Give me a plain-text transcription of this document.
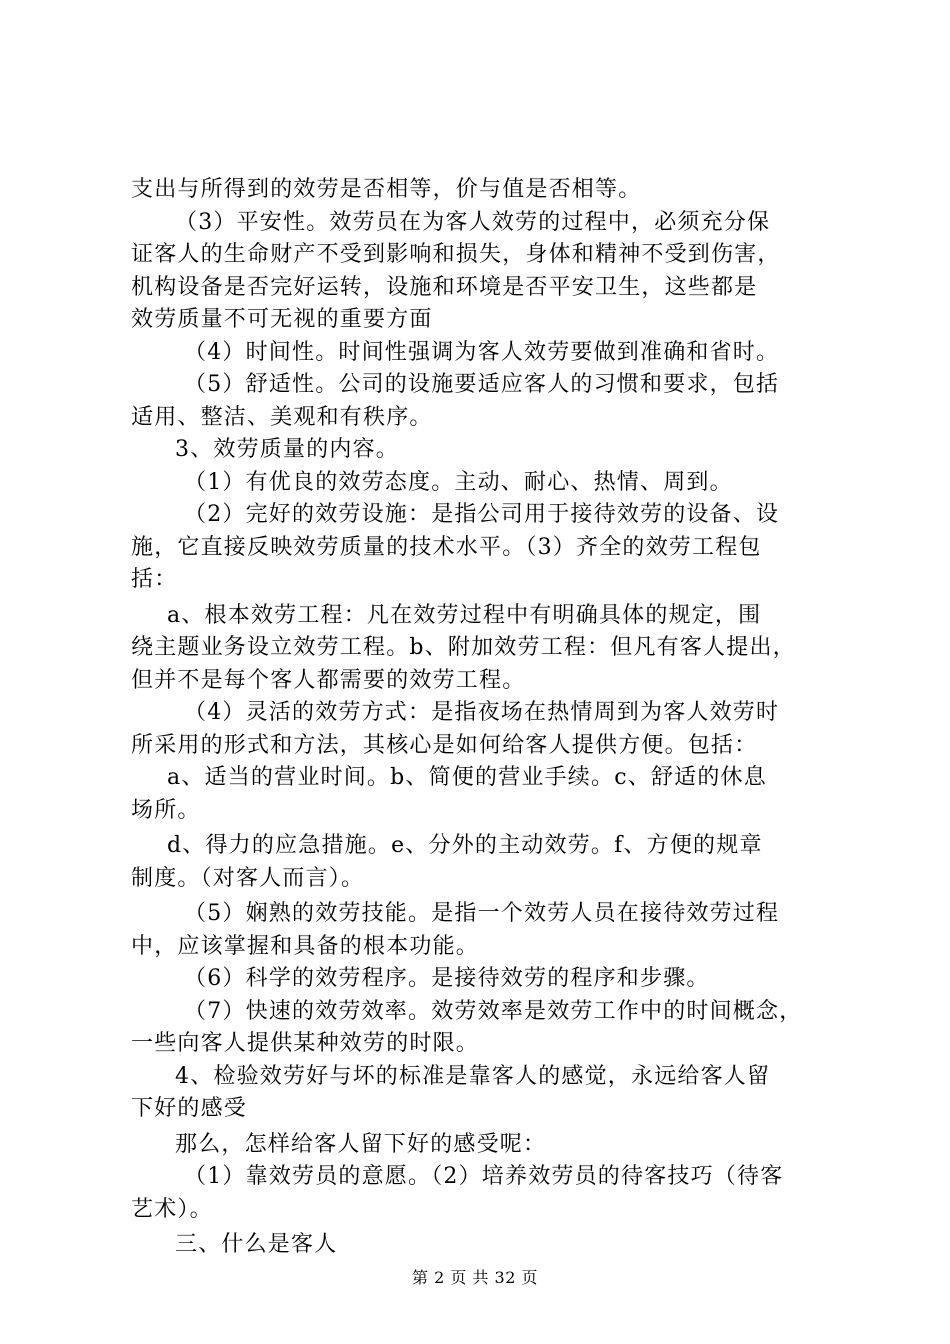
支出与所得到的效劳是否相等，价与值是否相等。
（3）平安性。效劳员在为客人效劳的过程中，必须充分保
证客人的生命财产不受到影响和损失，身体和精神不受到伤害，
机构设备是否完好运转，设施和环境是否平安卫生，这些都是
效劳质量不可无视的重要方面
（4）时间性。时间性强调为客人效劳要做到准确和省时。
（5）舒适性。公司的设施要适应客人的习惯和要求，包括
适用、整洁、美观和有秩序。
3、效劳质量的内容。
（1）有优良的效劳态度。主动、耐心、热情、周到。
（2）完好的效劳设施：是指公司用于接待效劳的设备、设
施，它直接反映效劳质量的技术水平。（3）齐全的效劳工程包
括：
a、根本效劳工程：凡在效劳过程中有明确具体的规定，围
绕主题业务设立效劳工程。b、附加效劳工程：但凡有客人提出，
但并不是每个客人都需要的效劳工程。
（4）灵活的效劳方式：是指夜场在热情周到为客人效劳时
所采用的形式和方法，其核心是如何给客人提供方便。包括：
a、适当的营业时间。b、简便的营业手续。c、舒适的休息
场所。
d、得力的应急措施。e、分外的主动效劳。f、方便的规章
制度。（对客人而言）。
（5）娴熟的效劳技能。是指一个效劳人员在接待效劳过程
中，应该掌握和具备的根本功能。
（6）科学的效劳程序。是接待效劳的程序和步骤。
（7）快速的效劳效率。效劳效率是效劳工作中的时间概念，
一些向客人提供某种效劳的时限。
4、检验效劳好与坏的标准是靠客人的感觉，永远给客人留
下好的感受
那么，怎样给客人留下好的感受呢：
（1）靠效劳员的意愿。（2）培养效劳员的待客技巧（待客
艺术）。
三、什么是客人
第 2 页 共 32 页
